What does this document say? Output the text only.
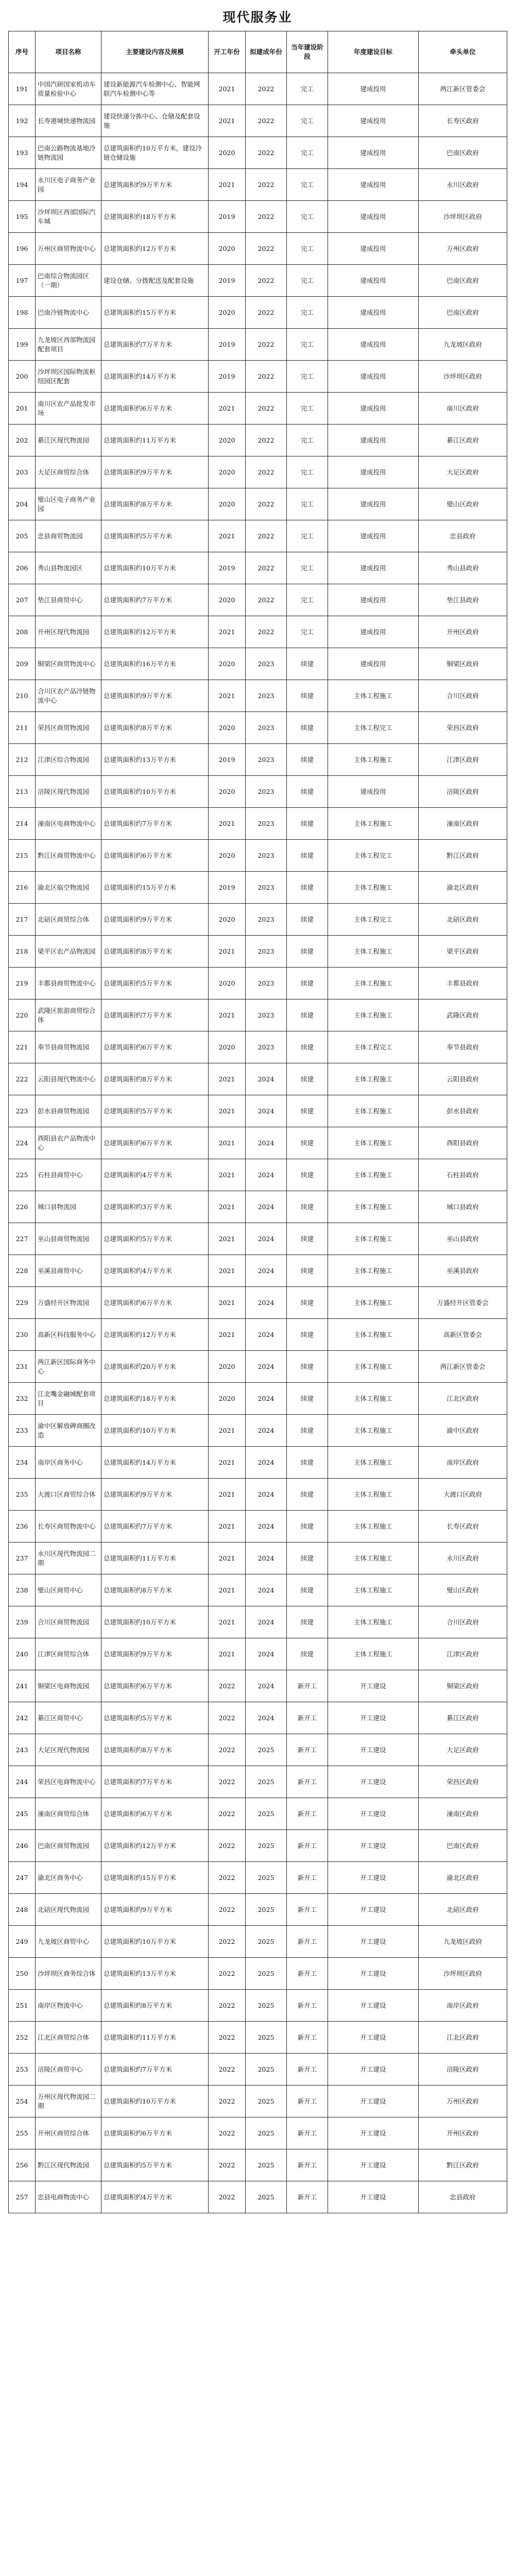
现代服务业
序号	项目名称	主要建设内容及规模	开工年份	拟建成年份	当年建设阶段	年度建设目标	牵头单位
191	中国汽研国家机动车质量检验中心	建设新能源汽车检测中心、智能网联汽车检测中心等	2021	2022	完工	建成投用	两江新区管委会
192	长寿港城快递物流园	建设快递分拣中心、仓储及配套设施	2021	2022	完工	建成投用	长寿区政府
193	巴南公路物流基地冷链物流园	总建筑面积约10万平方米，建设冷链仓储设施	2020	2022	完工	建成投用	巴南区政府
194	永川区电子商务产业园	总建筑面积约9万平方米	2021	2022	完工	建成投用	永川区政府
195	沙坪坝区西部国际汽车城	总建筑面积约18万平方米	2019	2022	完工	建成投用	沙坪坝区政府
196	万州区商贸物流中心	总建筑面积约12万平方米	2020	2022	完工	建成投用	万州区政府
197	巴南综合物流园区（一期）	建设仓储、分拨配送及配套设施	2019	2022	完工	建成投用	巴南区政府
198	巴南冷链物流中心	总建筑面积约15万平方米	2020	2022	完工	建成投用	巴南区政府
199	九龙坡区西部物流园配套项目	总建筑面积约7万平方米	2019	2022	完工	建成投用	九龙坡区政府
200	沙坪坝区国际物流枢纽园区配套	总建筑面积约14万平方米	2019	2022	完工	建成投用	沙坪坝区政府
201	南川区农产品批发市场	总建筑面积约6万平方米	2021	2022	完工	建成投用	南川区政府
202	綦江区现代物流园	总建筑面积约11万平方米	2020	2022	完工	建成投用	綦江区政府
203	大足区商贸综合体	总建筑面积约9万平方米	2020	2022	完工	建成投用	大足区政府
204	璧山区电子商务产业园	总建筑面积约8万平方米	2020	2022	完工	建成投用	璧山区政府
205	忠县商贸物流园	总建筑面积约5万平方米	2021	2022	完工	建成投用	忠县政府
206	秀山县物流园区	总建筑面积约10万平方米	2019	2022	完工	建成投用	秀山县政府
207	垫江县商贸中心	总建筑面积约7万平方米	2020	2022	完工	建成投用	垫江县政府
208	开州区现代物流园	总建筑面积约12万平方米	2021	2022	完工	建成投用	开州区政府
209	铜梁区商贸物流中心	总建筑面积约16万平方米	2020	2023	续建	建成投用	铜梁区政府
210	合川区农产品冷链物流中心	总建筑面积约9万平方米	2021	2023	续建	主体工程施工	合川区政府
211	荣昌区商贸物流园	总建筑面积约8万平方米	2020	2023	续建	主体工程完工	荣昌区政府
212	江津区综合物流园	总建筑面积约13万平方米	2019	2023	续建	主体工程施工	江津区政府
213	涪陵区现代物流园	总建筑面积约10万平方米	2020	2023	续建	建成投用	涪陵区政府
214	潼南区电商物流中心	总建筑面积约7万平方米	2021	2023	续建	主体工程施工	潼南区政府
215	黔江区商贸物流中心	总建筑面积约6万平方米	2020	2023	续建	主体工程完工	黔江区政府
216	渝北区临空物流园	总建筑面积约15万平方米	2019	2023	续建	主体工程施工	渝北区政府
217	北碚区商贸综合体	总建筑面积约9万平方米	2020	2023	续建	主体工程完工	北碚区政府
218	梁平区农产品物流园	总建筑面积约8万平方米	2021	2023	续建	主体工程施工	梁平区政府
219	丰都县商贸物流中心	总建筑面积约5万平方米	2020	2023	续建	主体工程施工	丰都县政府
220	武隆区旅游商贸综合体	总建筑面积约7万平方米	2021	2023	续建	主体工程施工	武隆区政府
221	奉节县商贸物流园	总建筑面积约6万平方米	2020	2023	续建	主体工程完工	奉节县政府
222	云阳县现代物流中心	总建筑面积约8万平方米	2021	2024	续建	主体工程施工	云阳县政府
223	彭水县商贸物流园	总建筑面积约5万平方米	2021	2024	续建	主体工程施工	彭水县政府
224	酉阳县农产品物流中心	总建筑面积约6万平方米	2021	2024	续建	主体工程施工	酉阳县政府
225	石柱县商贸中心	总建筑面积约4万平方米	2021	2024	续建	主体工程施工	石柱县政府
226	城口县物流园	总建筑面积约3万平方米	2021	2024	续建	主体工程施工	城口县政府
227	巫山县商贸物流园	总建筑面积约5万平方米	2021	2024	续建	主体工程施工	巫山县政府
228	巫溪县商贸中心	总建筑面积约4万平方米	2021	2024	续建	主体工程施工	巫溪县政府
229	万盛经开区物流园	总建筑面积约6万平方米	2021	2024	续建	主体工程施工	万盛经开区管委会
230	高新区科技服务中心	总建筑面积约12万平方米	2021	2024	续建	主体工程施工	高新区管委会
231	两江新区国际商务中心	总建筑面积约20万平方米	2020	2024	续建	主体工程施工	两江新区管委会
232	江北嘴金融城配套项目	总建筑面积约18万平方米	2020	2024	续建	主体工程施工	江北区政府
233	渝中区解放碑商圈改造	总建筑面积约10万平方米	2021	2024	续建	主体工程施工	渝中区政府
234	南岸区商务中心	总建筑面积约14万平方米	2021	2024	续建	主体工程施工	南岸区政府
235	大渡口区商贸综合体	总建筑面积约9万平方米	2021	2024	续建	主体工程施工	大渡口区政府
236	长寿区商贸物流中心	总建筑面积约7万平方米	2021	2024	续建	主体工程施工	长寿区政府
237	永川区现代物流园二期	总建筑面积约11万平方米	2021	2024	续建	主体工程施工	永川区政府
238	璧山区商贸中心	总建筑面积约8万平方米	2021	2024	续建	主体工程施工	璧山区政府
239	合川区商贸物流园	总建筑面积约10万平方米	2021	2024	续建	主体工程施工	合川区政府
240	江津区商贸综合体	总建筑面积约9万平方米	2021	2024	续建	主体工程施工	江津区政府
241	铜梁区电商物流园	总建筑面积约6万平方米	2022	2024	新开工	开工建设	铜梁区政府
242	綦江区商贸中心	总建筑面积约5万平方米	2022	2024	新开工	开工建设	綦江区政府
243	大足区现代物流园	总建筑面积约8万平方米	2022	2025	新开工	开工建设	大足区政府
244	荣昌区电商物流中心	总建筑面积约7万平方米	2022	2025	新开工	开工建设	荣昌区政府
245	潼南区商贸综合体	总建筑面积约6万平方米	2022	2025	新开工	开工建设	潼南区政府
246	巴南区商贸物流园	总建筑面积约12万平方米	2022	2025	新开工	开工建设	巴南区政府
247	渝北区商务中心	总建筑面积约15万平方米	2022	2025	新开工	开工建设	渝北区政府
248	北碚区现代物流园	总建筑面积约9万平方米	2022	2025	新开工	开工建设	北碚区政府
249	九龙坡区商贸中心	总建筑面积约10万平方米	2022	2025	新开工	开工建设	九龙坡区政府
250	沙坪坝区商务综合体	总建筑面积约13万平方米	2022	2025	新开工	开工建设	沙坪坝区政府
251	南岸区物流中心	总建筑面积约8万平方米	2022	2025	新开工	开工建设	南岸区政府
252	江北区商贸综合体	总建筑面积约11万平方米	2022	2025	新开工	开工建设	江北区政府
253	涪陵区商贸中心	总建筑面积约7万平方米	2022	2025	新开工	开工建设	涪陵区政府
254	万州区现代物流园二期	总建筑面积约10万平方米	2022	2025	新开工	开工建设	万州区政府
255	开州区商贸综合体	总建筑面积约6万平方米	2022	2025	新开工	开工建设	开州区政府
256	黔江区现代物流园	总建筑面积约5万平方米	2022	2025	新开工	开工建设	黔江区政府
257	忠县电商物流中心	总建筑面积约4万平方米	2022	2025	新开工	开工建设	忠县政府
